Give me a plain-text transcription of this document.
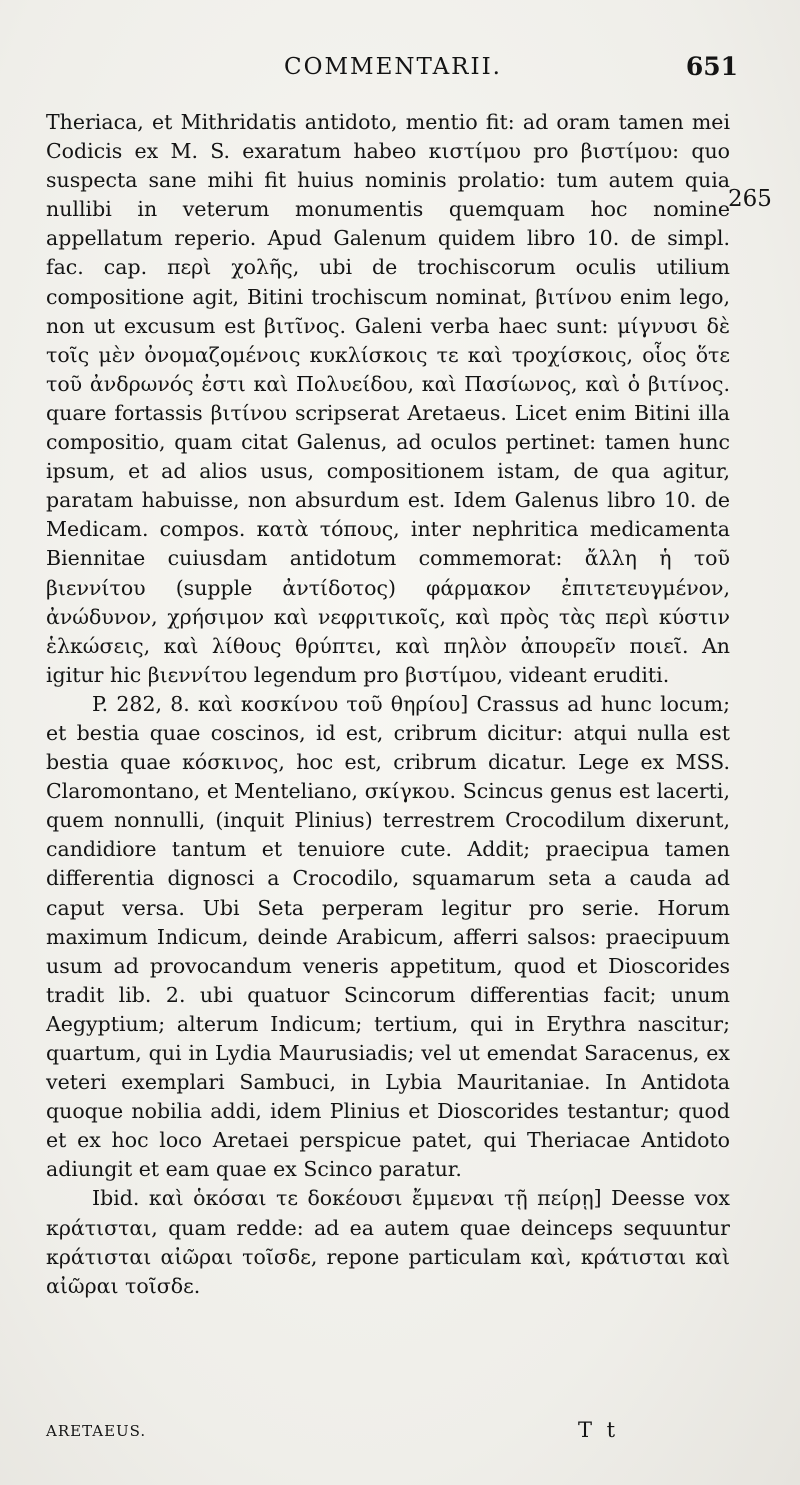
COMMENTARII.	651
265

Theriaca, et Mithridatis antidoto, mentio fit: ad oram tamen mei Codicis ex M. S. exaratum habeo κιστίμου pro βιστίμου: quo suspecta sane mihi fit huius nominis prolatio: tum autem quia nullibi in veterum monumentis quemquam hoc nomine appellatum reperio. Apud Galenum quidem libro 10. de simpl. fac. cap. περὶ χολῆς, ubi de trochiscorum oculis utilium compositione agit, Bitini trochiscum nominat, βιτίνου enim lego, non ut excusum est βιτῖνος. Galeni verba haec sunt: μίγνυσι δὲ τοῖς μὲν ὀνομαζομένοις κυκλίσκοις τε καὶ τροχίσκοις, οἷος ὅτε τοῦ ἀνδρωνός ἐστι καὶ Πολυείδου, καὶ Πασίωνος, καὶ ὁ βιτίνος. quare fortassis βιτίνου scripserat Aretaeus. Licet enim Bitini illa compositio, quam citat Galenus, ad oculos pertinet: tamen hunc ipsum, et ad alios usus, compositionem istam, de qua agitur, paratam habuisse, non absurdum est. Idem Galenus libro 10. de Medicam. compos. κατὰ τόπους, inter nephritica medicamenta Biennitae cuiusdam antidotum commemorat: ἄλλη ἡ τοῦ βιεννίτου (supple ἀντίδοτος) φάρμακον ἐπιτετευγμένον, ἀνώδυνον, χρήσιμον καὶ νεφριτικοῖς, καὶ πρὸς τὰς περὶ κύστιν ἑλκώσεις, καὶ λίθους θρύπτει, καὶ πηλὸν ἀπουρεῖν ποιεῖ. An igitur hic βιεννίτου legendum pro βιστίμου, videant eruditi.

P. 282, 8. καὶ κοσκίνου τοῦ θηρίου] Crassus ad hunc locum; et bestia quae coscinos, id est, cribrum dicitur: atqui nulla est bestia quae κόσκινος, hoc est, cribrum dicatur. Lege ex MSS. Claromontano, et Menteliano, σκίγκου. Scincus genus est lacerti, quem nonnulli, (inquit Plinius) terrestrem Crocodilum dixerunt, candidiore tantum et tenuiore cute. Addit; praecipua tamen differentia dignosci a Crocodilo, squamarum seta a cauda ad caput versa. Ubi Seta perperam legitur pro serie. Horum maximum Indicum, deinde Arabicum, afferri salsos: praecipuum usum ad provocandum veneris appetitum, quod et Dioscorides tradit lib. 2. ubi quatuor Scincorum differentias facit; unum Aegyptium; alterum Indicum; tertium, qui in Erythra nascitur; quartum, qui in Lydia Maurusiadis; vel ut emendat Saracenus, ex veteri exemplari Sambuci, in Lybia Mauritaniae. In Antidota quoque nobilia addi, idem Plinius et Dioscorides testantur; quod et ex hoc loco Aretaei perspicue patet, qui Theriacae Antidoto adiungit et eam quae ex Scinco paratur.

Ibid. καὶ ὁκόσαι τε δοκέουσι ἔμμεναι τῇ πείρῃ] Deesse vox κράτισται, quam redde: ad ea autem quae deinceps sequuntur κράτισται αἰῶραι τοῖσδε, repone particulam καὶ, κράτισται καὶ αἰῶραι τοῖσδε.

ARETAEUS.	T t
